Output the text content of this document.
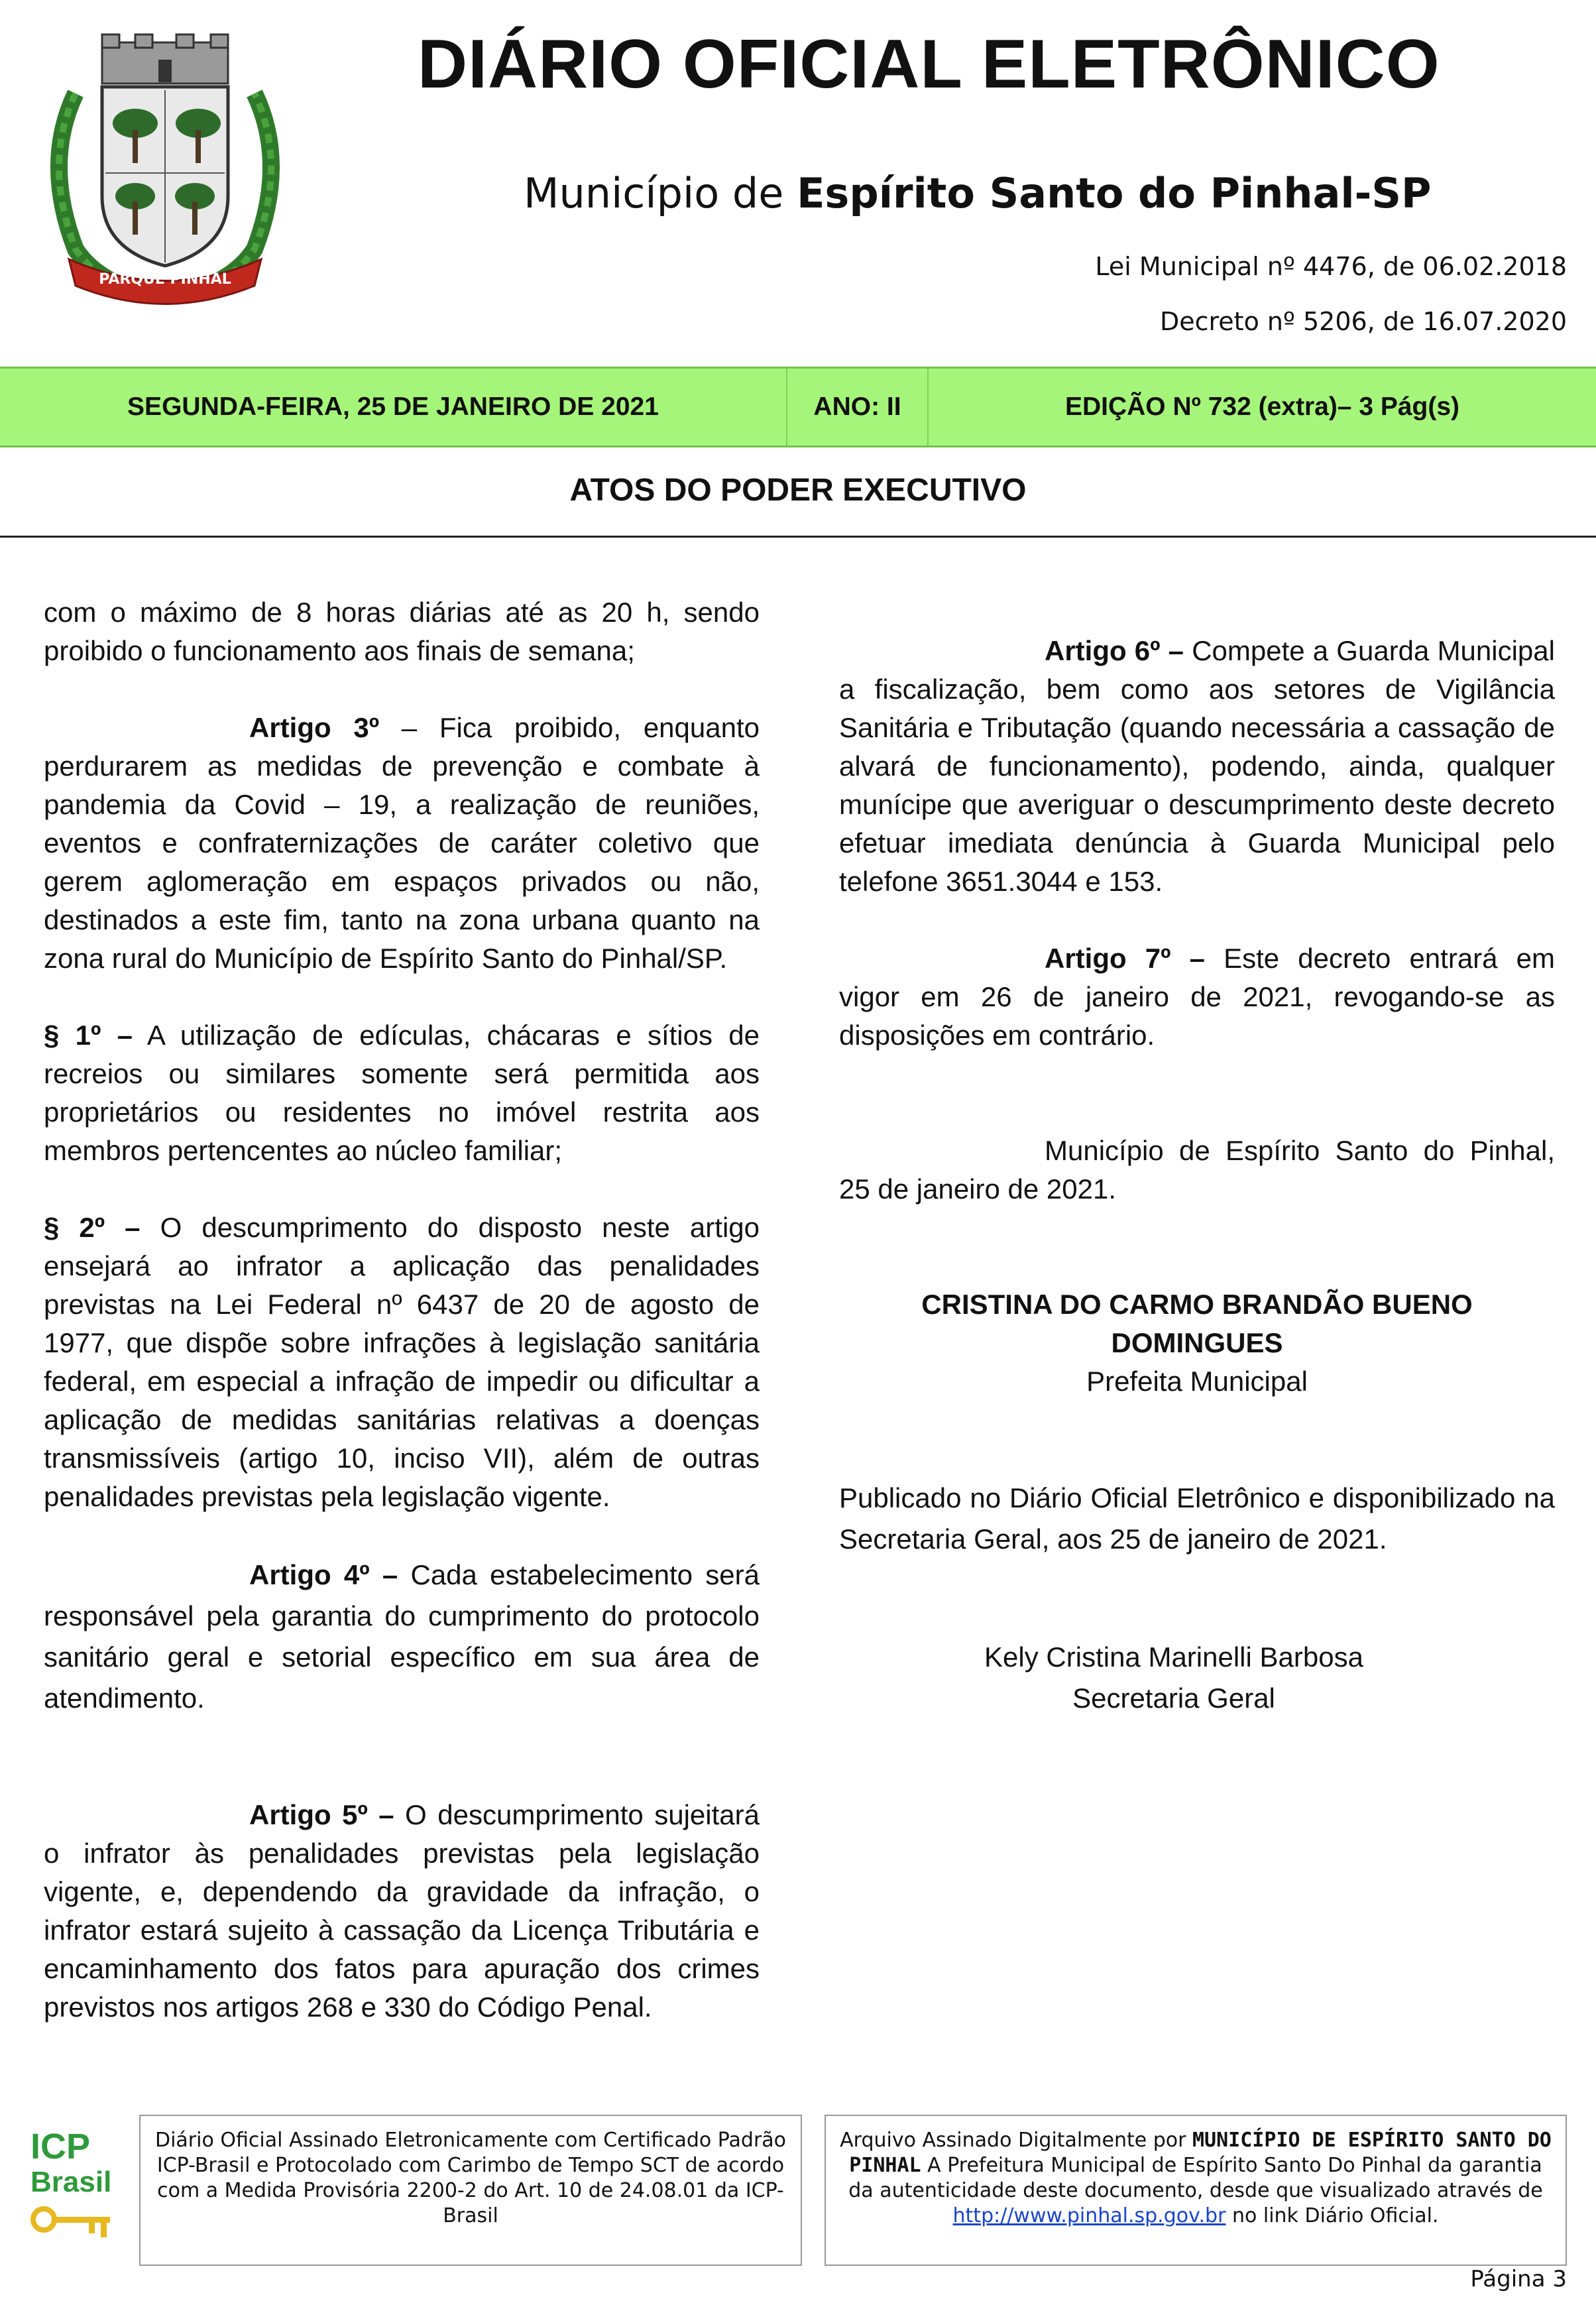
PARQUE PINHAL
DIÁRIO OFICIAL ELETRÔNICO
Município de Espírito Santo do Pinhal-SP
Lei Municipal nº 4476, de 06.02.2018
Decreto nº 5206, de 16.07.2020
SEGUNDA-FEIRA, 25 DE JANEIRO DE 2021	ANO: II	EDIÇÃO Nº 732 (extra)– 3 Pág(s)
ATOS DO PODER EXECUTIVO

com o máximo de 8 horas diárias até as 20 h, sendo proibido o funcionamento aos finais de semana;

Artigo 3º – Fica proibido, enquanto perdurarem as medidas de prevenção e combate à pandemia da Covid – 19, a realização de reuniões, eventos e confraternizações de caráter coletivo que gerem aglomeração em espaços privados ou não, destinados a este fim, tanto na zona urbana quanto na zona rural do Município de Espírito Santo do Pinhal/SP.

§ 1º – A utilização de edículas, chácaras e sítios de recreios ou similares somente será permitida aos proprietários ou residentes no imóvel restrita aos membros pertencentes ao núcleo familiar;

§ 2º – O descumprimento do disposto neste artigo ensejará ao infrator a aplicação das penalidades previstas na Lei Federal nº 6437 de 20 de agosto de 1977, que dispõe sobre infrações à legislação sanitária federal, em especial a infração de impedir ou dificultar a aplicação de medidas sanitárias relativas a doenças transmissíveis (artigo 10, inciso VII), além de outras penalidades previstas pela legislação vigente.

Artigo 4º – Cada estabelecimento será responsável pela garantia do cumprimento do protocolo sanitário geral e setorial específico em sua área de atendimento.

Artigo 5º – O descumprimento sujeitará o infrator às penalidades previstas pela legislação vigente, e, dependendo da gravidade da infração, o infrator estará sujeito à cassação da Licença Tributária e encaminhamento dos fatos para apuração dos crimes previstos nos artigos 268 e 330 do Código Penal.

Artigo 6º – Compete a Guarda Municipal a fiscalização, bem como aos setores de Vigilância Sanitária e Tributação (quando necessária a cassação de alvará de funcionamento), podendo, ainda, qualquer munícipe que averiguar o descumprimento deste decreto efetuar imediata denúncia à Guarda Municipal pelo telefone 3651.3044 e 153.

Artigo 7º – Este decreto entrará em vigor em 26 de janeiro de 2021, revogando-se as disposições em contrário.

Município de Espírito Santo do Pinhal, 25 de janeiro de 2021.

CRISTINA DO CARMO BRANDÃO BUENO DOMINGUES
Prefeita Municipal

Publicado no Diário Oficial Eletrônico e disponibilizado na Secretaria Geral, aos 25 de janeiro de 2021.

Kely Cristina Marinelli Barbosa
Secretaria Geral
ICP
Brasil
Diário Oficial Assinado Eletronicamente com Certificado Padrão ICP-Brasil e Protocolado com Carimbo de Tempo SCT de acordo com a Medida Provisória 2200-2 do Art. 10 de 24.08.01 da ICP-Brasil
Arquivo Assinado Digitalmente por MUNICÍPIO DE ESPÍRITO SANTO DO PINHAL A Prefeitura Municipal de Espírito Santo Do Pinhal da garantia da autenticidade deste documento, desde que visualizado através de http://www.pinhal.sp.gov.br no link Diário Oficial.
Página 3
